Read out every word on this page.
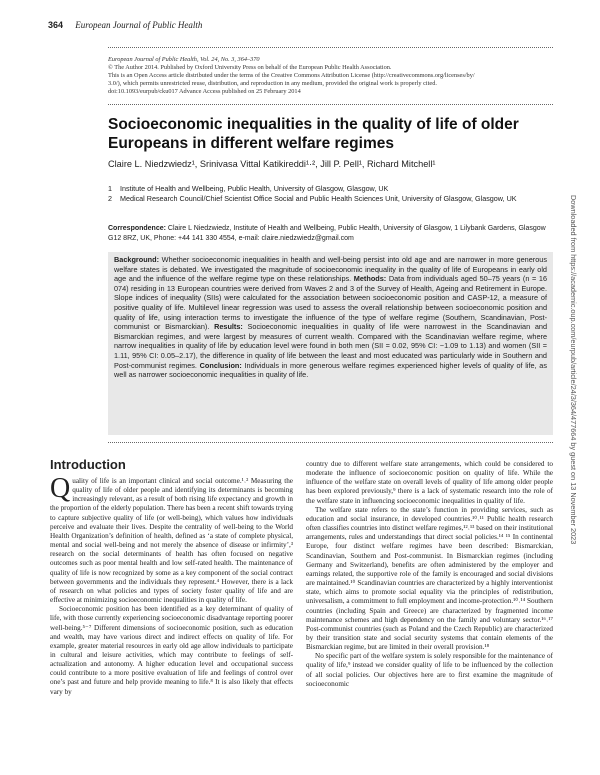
364 European Journal of Public Health
European Journal of Public Health, Vol. 24, No. 3, 364–370
© The Author 2014. Published by Oxford University Press on behalf of the European Public Health Association.
This is an Open Access article distributed under the terms of the Creative Commons Attribution License (http://creativecommons.org/licenses/by/
3.0/), which permits unrestricted reuse, distribution, and reproduction in any medium, provided the original work is properly cited.
doi:10.1093/eurpub/cku017 Advance Access published on 25 February 2014
Socioeconomic inequalities in the quality of life of older Europeans in different welfare regimes
Claire L. Niedzwiedz¹, Srinivasa Vittal Katikireddi¹·², Jill P. Pell¹, Richard Mitchell¹
1	Institute of Health and Wellbeing, Public Health, University of Glasgow, Glasgow, UK
2	Medical Research Council/Chief Scientist Office Social and Public Health Sciences Unit, University of Glasgow, Glasgow, UK
Correspondence: Claire L Niedzwiedz, Institute of Health and Wellbeing, Public Health, University of Glasgow, 1 Lilybank Gardens, Glasgow G12 8RZ, UK, Phone: +44 141 330 4554, e-mail: claire.niedzwiedz@gmail.com

Background: Whether socioeconomic inequalities in health and well-being persist into old age and are narrower in more generous welfare states is debated. We investigated the magnitude of socioeconomic inequality in the quality of life of Europeans in early old age and the influence of the welfare regime type on these relationships. Methods: Data from individuals aged 50–75 years (n = 16 074) residing in 13 European countries were derived from Waves 2 and 3 of the Survey of Health, Ageing and Retirement in Europe. Slope indices of inequality (SIIs) were calculated for the association between socioeconomic position and CASP-12, a measure of positive quality of life. Multilevel linear regression was used to assess the overall relationship between socioeconomic position and quality of life, using interaction terms to investigate the influence of the type of welfare regime (Southern, Scandinavian, Post-communist or Bismarckian). Results: Socioeconomic inequalities in quality of life were narrowest in the Scandinavian and Bismarckian regimes, and were largest by measures of current wealth. Compared with the Scandinavian welfare regime, where narrow inequalities in quality of life by education level were found in both men (SII = 0.02, 95% CI: −1.09 to 1.13) and women (SII = 1.11, 95% CI: 0.05–2.17), the difference in quality of life between the least and most educated was particularly wide in Southern and Post-communist regimes. Conclusion: Individuals in more generous welfare regimes experienced higher levels of quality of life, as well as narrower socioeconomic inequalities in quality of life.

Introduction

Quality of life is an important clinical and social outcome.¹˒² Measuring the quality of life of older people and identifying its determinants is becoming increasingly relevant, as a result of both rising life expectancy and growth in the proportion of the elderly population. There has been a recent shift towards trying to capture subjective quality of life (or well-being), which values how individuals perceive and evaluate their lives. Despite the centrality of well-being to the World Health Organization’s definition of health, defined as ‘a state of complete physical, mental and social well-being and not merely the absence of disease or infirmity’,³ research on the social determinants of health has often focused on negative outcomes such as poor mental health and low self-rated health. The maintenance of quality of life is now recognized by some as a key component of the social contract between governments and the individuals they represent.⁴ However, there is a lack of research on what policies and types of society foster quality of life and are effective at minimizing socioeconomic inequalities in quality of life.

Socioeconomic position has been identified as a key determinant of quality of life, with those currently experiencing socioeconomic disadvantage reporting poorer well-being.⁵⁻⁷ Different dimensions of socioeconomic position, such as education and wealth, may have various direct and indirect effects on quality of life. For example, greater material resources in early old age allow individuals to participate in cultural and leisure activities, which may contribute to feelings of self-actualization and autonomy. A higher education level and occupational success could contribute to a more positive evaluation of life and feelings of control over one’s past and future and help provide meaning to life.⁸ It is also likely that effects vary by

country due to different welfare state arrangements, which could be considered to moderate the influence of socioeconomic position on quality of life. While the influence of the welfare state on overall levels of quality of life among older people has been explored previously,⁹ there is a lack of systematic research into the role of the welfare state in influencing socioeconomic inequalities in quality of life.

The welfare state refers to the state’s function in providing services, such as education and social insurance, in developed countries.¹⁰˒¹¹ Public health research often classifies countries into distinct welfare regimes,¹²˒¹³ based on their institutional arrangements, rules and understandings that direct social policies.¹⁴ ¹⁵ In continental Europe, four distinct welfare regimes have been described: Bismarckian, Scandinavian, Southern and Post-communist. In Bismarckian regimes (including Germany and Switzerland), benefits are often administered by the employer and earnings related, the supportive role of the family is encouraged and social divisions are maintained.¹⁰ Scandinavian countries are characterized by a highly interventionist state, which aims to promote social equality via the principles of redistribution, universalism, a commitment to full employment and income-protection.¹⁰˒¹⁴ Southern countries (including Spain and Greece) are characterized by fragmented income maintenance schemes and high dependency on the family and voluntary sector.¹⁶˒¹⁷ Post-communist countries (such as Poland and the Czech Republic) are characterized by their transition state and social security systems that contain elements of the Bismarckian regime, but are limited in their overall provision.¹⁸

No specific part of the welfare system is solely responsible for the maintenance of quality of life,⁹ instead we consider quality of life to be influenced by the collection of all social policies. Our objectives here are to first examine the magnitude of socioeconomic

Downloaded from https://academic.oup.com/eurpub/article/24/3/364/477664 by guest on 13 November 2023
